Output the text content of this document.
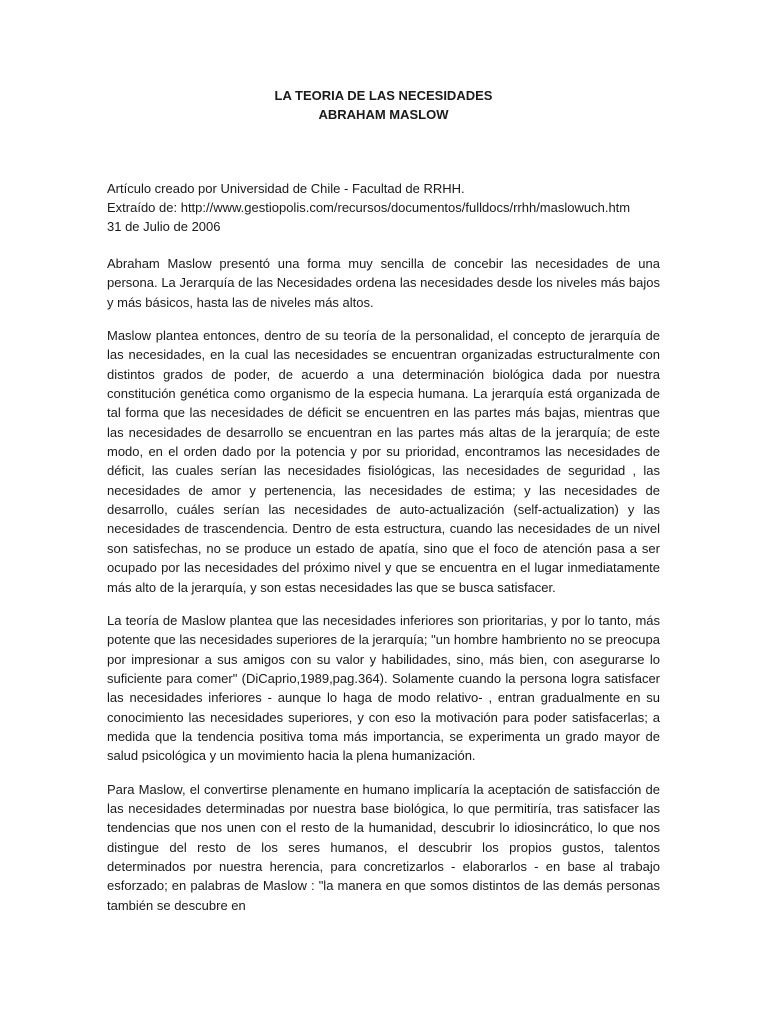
LA TEORIA DE LAS NECESIDADES

ABRAHAM MASLOW

Artículo creado por Universidad de Chile - Facultad de RRHH.
Extraído de: http://www.gestiopolis.com/recursos/documentos/fulldocs/rrhh/maslowuch.htm
31 de Julio de 2006

Abraham Maslow presentó una forma muy sencilla de concebir las necesidades de una persona. La Jerarquía de las Necesidades ordena las necesidades desde los niveles más bajos y más básicos, hasta las de niveles más altos.

Maslow plantea entonces, dentro de su teoría de la personalidad, el concepto de jerarquía de las necesidades, en la cual las necesidades se encuentran organizadas estructuralmente con distintos grados de poder, de acuerdo a una determinación biológica dada por nuestra constitución genética como organismo de la especia humana. La jerarquía está organizada de tal forma que las necesidades de déficit se encuentren en las partes más bajas, mientras que las necesidades de desarrollo se encuentran en las partes más altas de la jerarquía; de este modo, en el orden dado por la potencia y por su prioridad, encontramos las necesidades de déficit, las cuales serían las necesidades fisiológicas, las necesidades de seguridad , las necesidades de amor y pertenencia, las necesidades de estima; y las necesidades de desarrollo, cuáles serían las necesidades de auto-actualización (self-actualization) y las necesidades de trascendencia. Dentro de esta estructura, cuando las necesidades de un nivel son satisfechas, no se produce un estado de apatía, sino que el foco de atención pasa a ser ocupado por las necesidades del próximo nivel y que se encuentra en el lugar inmediatamente más alto de la jerarquía, y son estas necesidades las que se busca satisfacer.

La teoría de Maslow plantea que las necesidades inferiores son prioritarias, y por lo tanto, más potente que las necesidades superiores de la jerarquía; "un hombre hambriento no se preocupa por impresionar a sus amigos con su valor y habilidades, sino, más bien, con asegurarse lo suficiente para comer" (DiCaprio,1989,pag.364). Solamente cuando la persona logra satisfacer las necesidades inferiores - aunque lo haga de modo relativo- , entran gradualmente en su conocimiento las necesidades superiores, y con eso la motivación para poder satisfacerlas; a medida que la tendencia positiva toma más importancia, se experimenta un grado mayor de salud psicológica y un movimiento hacia la plena humanización.

Para Maslow, el convertirse plenamente en humano implicaría la aceptación de satisfacción de las necesidades determinadas por nuestra base biológica, lo que permitiría, tras satisfacer las tendencias que nos unen con el resto de la humanidad, descubrir lo idiosincrático, lo que nos distingue del resto de los seres humanos, el descubrir los propios gustos, talentos determinados por nuestra herencia, para concretizarlos - elaborarlos - en base al trabajo esforzado; en palabras de Maslow : "la manera en que somos distintos de las demás personas también se descubre en
